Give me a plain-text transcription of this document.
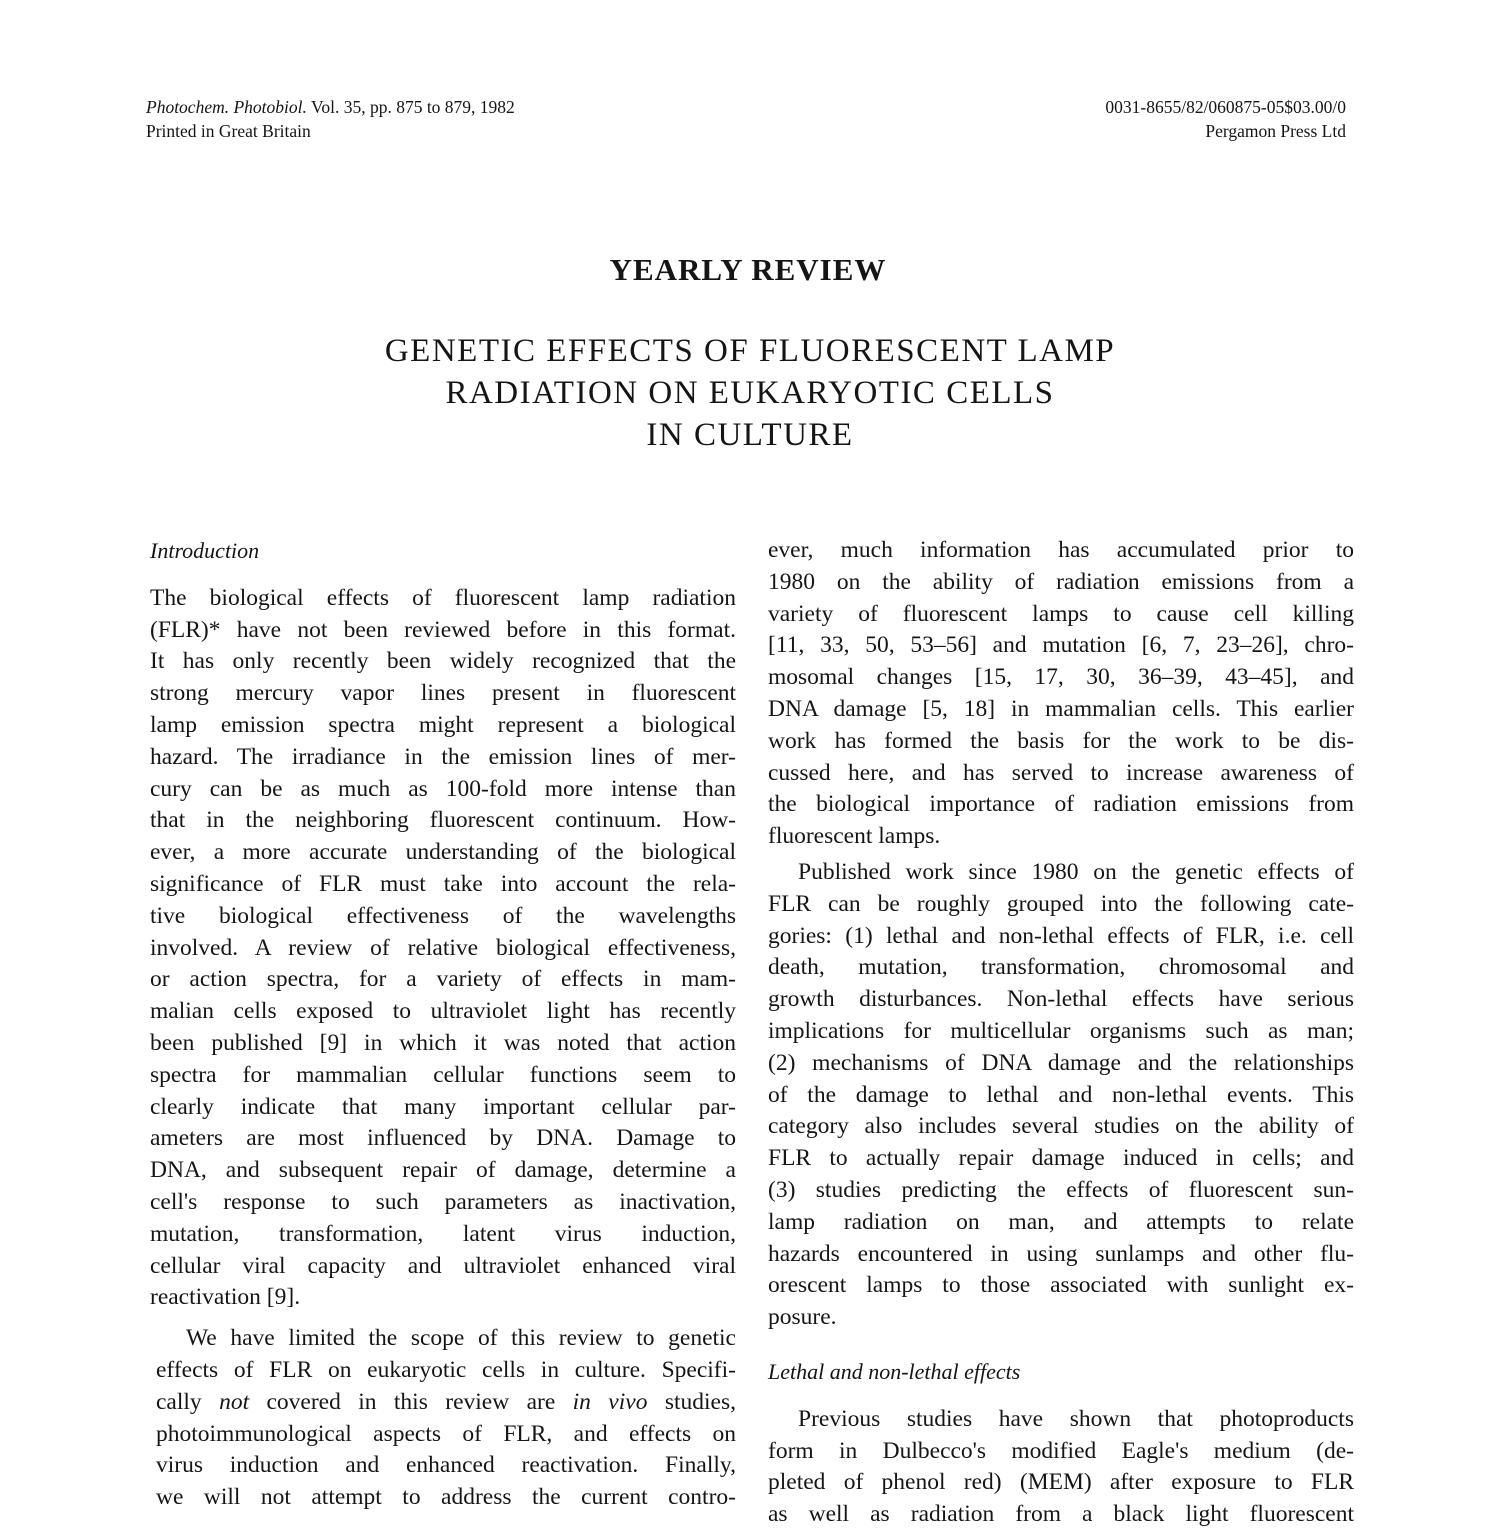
Photochem. Photobiol. Vol. 35, pp. 875 to 879, 1982
Printed in Great Britain
0031-8655/82/060875-05$03.00/0
Pergamon Press Ltd
YEARLY REVIEW
GENETIC EFFECTS OF FLUORESCENT LAMP
RADIATION ON EUKARYOTIC CELLS
IN CULTURE
Introduction
The biological effects of fluorescent lamp radiation
(FLR)* have not been reviewed before in this format.
It has only recently been widely recognized that the
strong mercury vapor lines present in fluorescent
lamp emission spectra might represent a biological
hazard. The irradiance in the emission lines of mer-
cury can be as much as 100-fold more intense than
that in the neighboring fluorescent continuum. How-
ever, a more accurate understanding of the biological
significance of FLR must take into account the rela-
tive biological effectiveness of the wavelengths
involved. A review of relative biological effectiveness,
or action spectra, for a variety of effects in mam-
malian cells exposed to ultraviolet light has recently
been published [9] in which it was noted that action
spectra for mammalian cellular functions seem to
clearly indicate that many important cellular par-
ameters are most influenced by DNA. Damage to
DNA, and subsequent repair of damage, determine a
cell's response to such parameters as inactivation,
mutation, transformation, latent virus induction,
cellular viral capacity and ultraviolet enhanced viral
reactivation [9].
We have limited the scope of this review to genetic
effects of FLR on eukaryotic cells in culture. Specifi-
cally not covered in this review are in vivo studies,
photoimmunological aspects of FLR, and effects on
virus induction and enhanced reactivation. Finally,
we will not attempt to address the current contro-
ever, much information has accumulated prior to
1980 on the ability of radiation emissions from a
variety of fluorescent lamps to cause cell killing
[11, 33, 50, 53–56] and mutation [6, 7, 23–26], chro-
mosomal changes [15, 17, 30, 36–39, 43–45], and
DNA damage [5, 18] in mammalian cells. This earlier
work has formed the basis for the work to be dis-
cussed here, and has served to increase awareness of
the biological importance of radiation emissions from
fluorescent lamps.
Published work since 1980 on the genetic effects of
FLR can be roughly grouped into the following cate-
gories: (1) lethal and non-lethal effects of FLR, i.e. cell
death, mutation, transformation, chromosomal and
growth disturbances. Non-lethal effects have serious
implications for multicellular organisms such as man;
(2) mechanisms of DNA damage and the relationships
of the damage to lethal and non-lethal events. This
category also includes several studies on the ability of
FLR to actually repair damage induced in cells; and
(3) studies predicting the effects of fluorescent sun-
lamp radiation on man, and attempts to relate
hazards encountered in using sunlamps and other flu-
orescent lamps to those associated with sunlight ex-
posure.
Lethal and non-lethal effects
Previous studies have shown that photoproducts
form in Dulbecco's modified Eagle's medium (de-
pleted of phenol red) (MEM) after exposure to FLR
as well as radiation from a black light fluorescent
